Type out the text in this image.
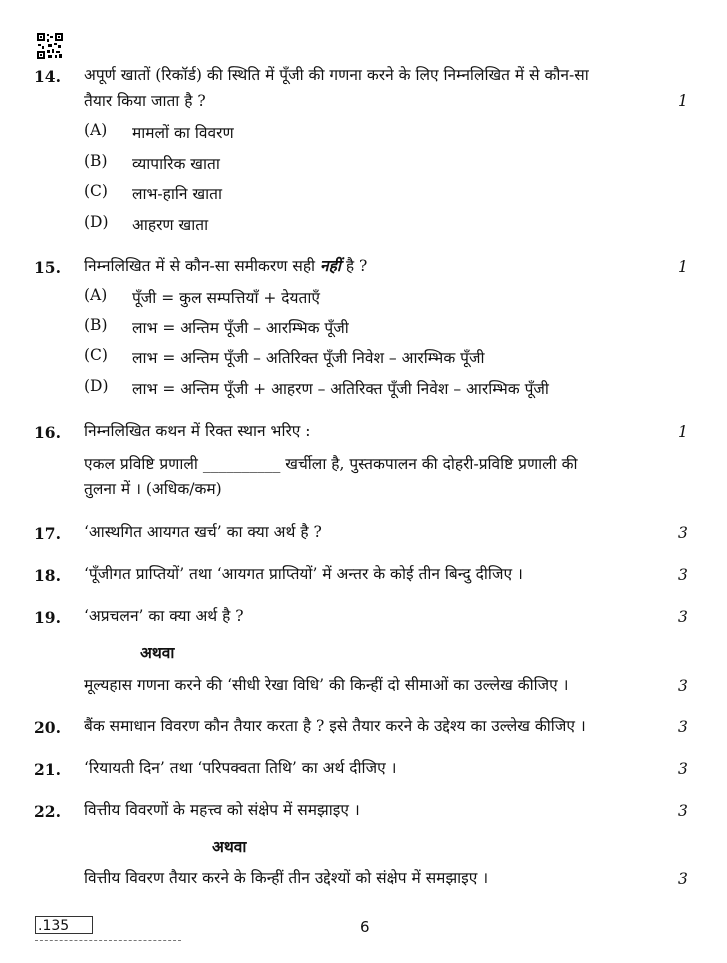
14. अपूर्ण खातों (रिकॉर्ड) की स्थिति में पूँजी की गणना करने के लिए निम्नलिखित में से कौन-सा
तैयार किया जाता है ?	1
(A) मामलों का विवरण
(B) व्यापारिक खाता
(C) लाभ-हानि खाता
(D) आहरण खाता
15. निम्नलिखित में से कौन-सा समीकरण सही नहीं है ?	1
(A) पूँजी = कुल सम्पत्तियाँ + देयताएँ
(B) लाभ = अन्तिम पूँजी – आरम्भिक पूँजी
(C) लाभ = अन्तिम पूँजी – अतिरिक्त पूँजी निवेश – आरम्भिक पूँजी
(D) लाभ = अन्तिम पूँजी + आहरण – अतिरिक्त पूँजी निवेश – आरम्भिक पूँजी
16. निम्नलिखित कथन में रिक्त स्थान भरिए :	1
एकल प्रविष्टि प्रणाली __________ खर्चीला है, पुस्तकपालन की दोहरी-प्रविष्टि प्रणाली की
तुलना में । (अधिक/कम)
17. ‘आस्थगित आयगत खर्च’ का क्या अर्थ है ?	3
18. ‘पूँजीगत प्राप्तियों’ तथा ‘आयगत प्राप्तियों’ में अन्तर के कोई तीन बिन्दु दीजिए ।	3
19. ‘अप्रचलन’ का क्या अर्थ है ?	3
अथवा
मूल्यहास गणना करने की ‘सीधी रेखा विधि’ की किन्हीं दो सीमाओं का उल्लेख कीजिए ।	3
20. बैंक समाधान विवरण कौन तैयार करता है ? इसे तैयार करने के उद्देश्य का उल्लेख कीजिए ।	3
21. ‘रियायती दिन’ तथा ‘परिपक्वता तिथि’ का अर्थ दीजिए ।	3
22. वित्तीय विवरणों के महत्त्व को संक्षेप में समझाइए ।	3
अथवा
वित्तीय विवरण तैयार करने के किन्हीं तीन उद्देश्यों को संक्षेप में समझाइए ।	3
.135	6
